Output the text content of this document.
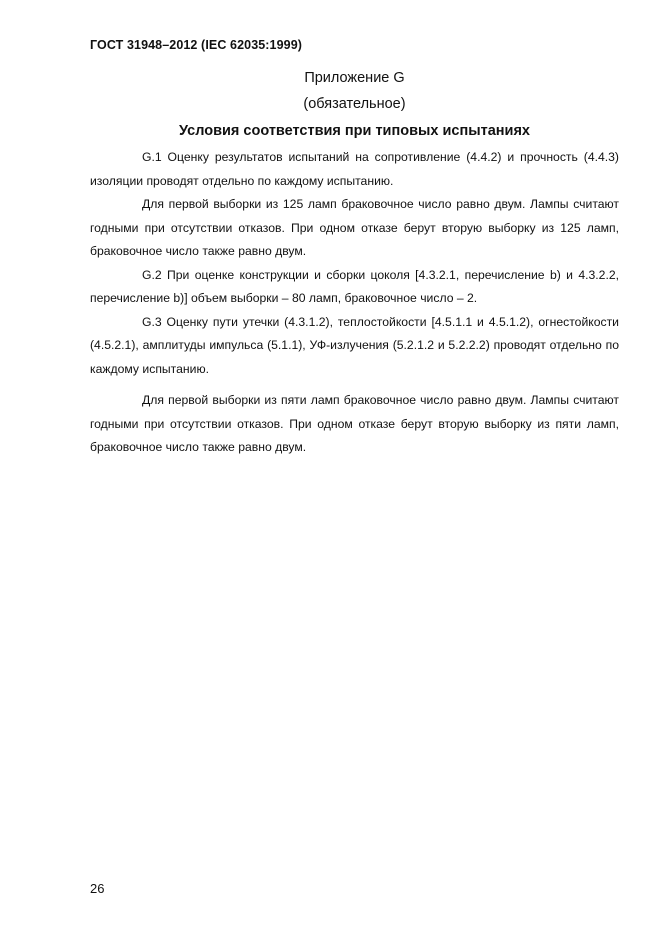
ГОСТ 31948–2012 (IEC 62035:1999)
Приложение G
(обязательное)
Условия соответствия при типовых испытаниях

G.1 Оценку результатов испытаний на сопротивление (4.4.2) и прочность (4.4.3) изоляции проводят отдельно по каждому испытанию.

Для первой выборки из 125 ламп браковочное число равно двум. Лампы считают годными при отсутствии отказов. При одном отказе берут вторую выборку из 125 ламп, браковочное число также равно двум.

G.2 При оценке конструкции и сборки цоколя [4.3.2.1, перечисление b) и 4.3.2.2, перечисление b)] объем выборки – 80 ламп, браковочное число – 2.

G.3 Оценку пути утечки (4.3.1.2), теплостойкости [4.5.1.1 и 4.5.1.2), огнестойкости (4.5.2.1), амплитуды импульса (5.1.1), УФ-излучения (5.2.1.2 и 5.2.2.2) проводят отдельно по каждому испытанию.

Для первой выборки из пяти ламп браковочное число равно двум. Лампы считают годными при отсутствии отказов. При одном отказе берут вторую выборку из пяти ламп, браковочное число также равно двум.

26
